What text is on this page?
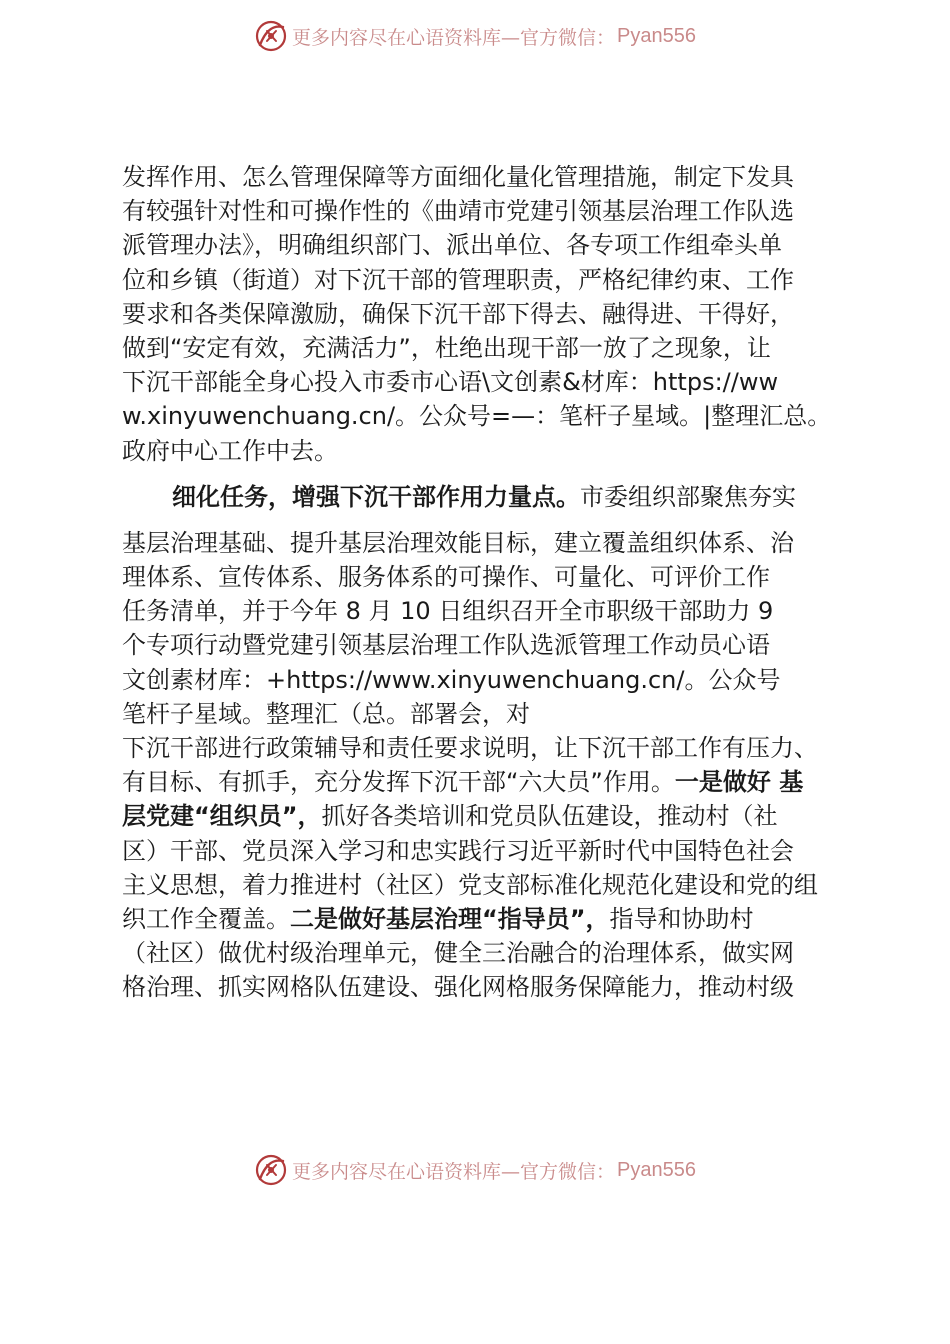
更多内容尽在心语资料库—官方微信： Pyan556
发挥作用、怎么管理保障等方面细化量化管理措施，制定下发具
有较强针对性和可操作性的《曲靖市党建引领基层治理工作队选
派管理办法》，明确组织部门、派出单位、各专项工作组牵头单
位和乡镇（街道）对下沉干部的管理职责，严格纪律约束、工作
要求和各类保障激励，确保下沉干部下得去、融得进、干得好，
做到“安定有效，充满活力”，杜绝出现干部一放了之现象，让
下沉干部能全身心投入市委市心语\文创素&材库：https://ww
w.xinyuwenchuang.cn/。公众号=—：笔杆子星域。|整理汇总。
政府中心工作中去。
细化任务，增强下沉干部作用力量点。市委组织部聚焦夯实
基层治理基础、提升基层治理效能目标，建立覆盖组织体系、治
理体系、宣传体系、服务体系的可操作、可量化、可评价工作
任务清单，并于今年 8 月 10 日组织召开全市职级干部助力 9
个专项行动暨党建引领基层治理工作队选派管理工作动员心语
文创素材库：+https://www.xinyuwenchuang.cn/。公众号
笔杆子星域。整理汇（总。部署会，对
下沉干部进行政策辅导和责任要求说明，让下沉干部工作有压力、
有目标、有抓手，充分发挥下沉干部“六大员”作用。一是做好 基
层党建“组织员”，抓好各类培训和党员队伍建设，推动村（社
区）干部、党员深入学习和忠实践行习近平新时代中国特色社会
主义思想，着力推进村（社区）党支部标准化规范化建设和党的组
织工作全覆盖。二是做好基层治理“指导员”，指导和协助村
（社区）做优村级治理单元，健全三治融合的治理体系，做实网
格治理、抓实网格队伍建设、强化网格服务保障能力，推动村级
更多内容尽在心语资料库—官方微信： Pyan556
